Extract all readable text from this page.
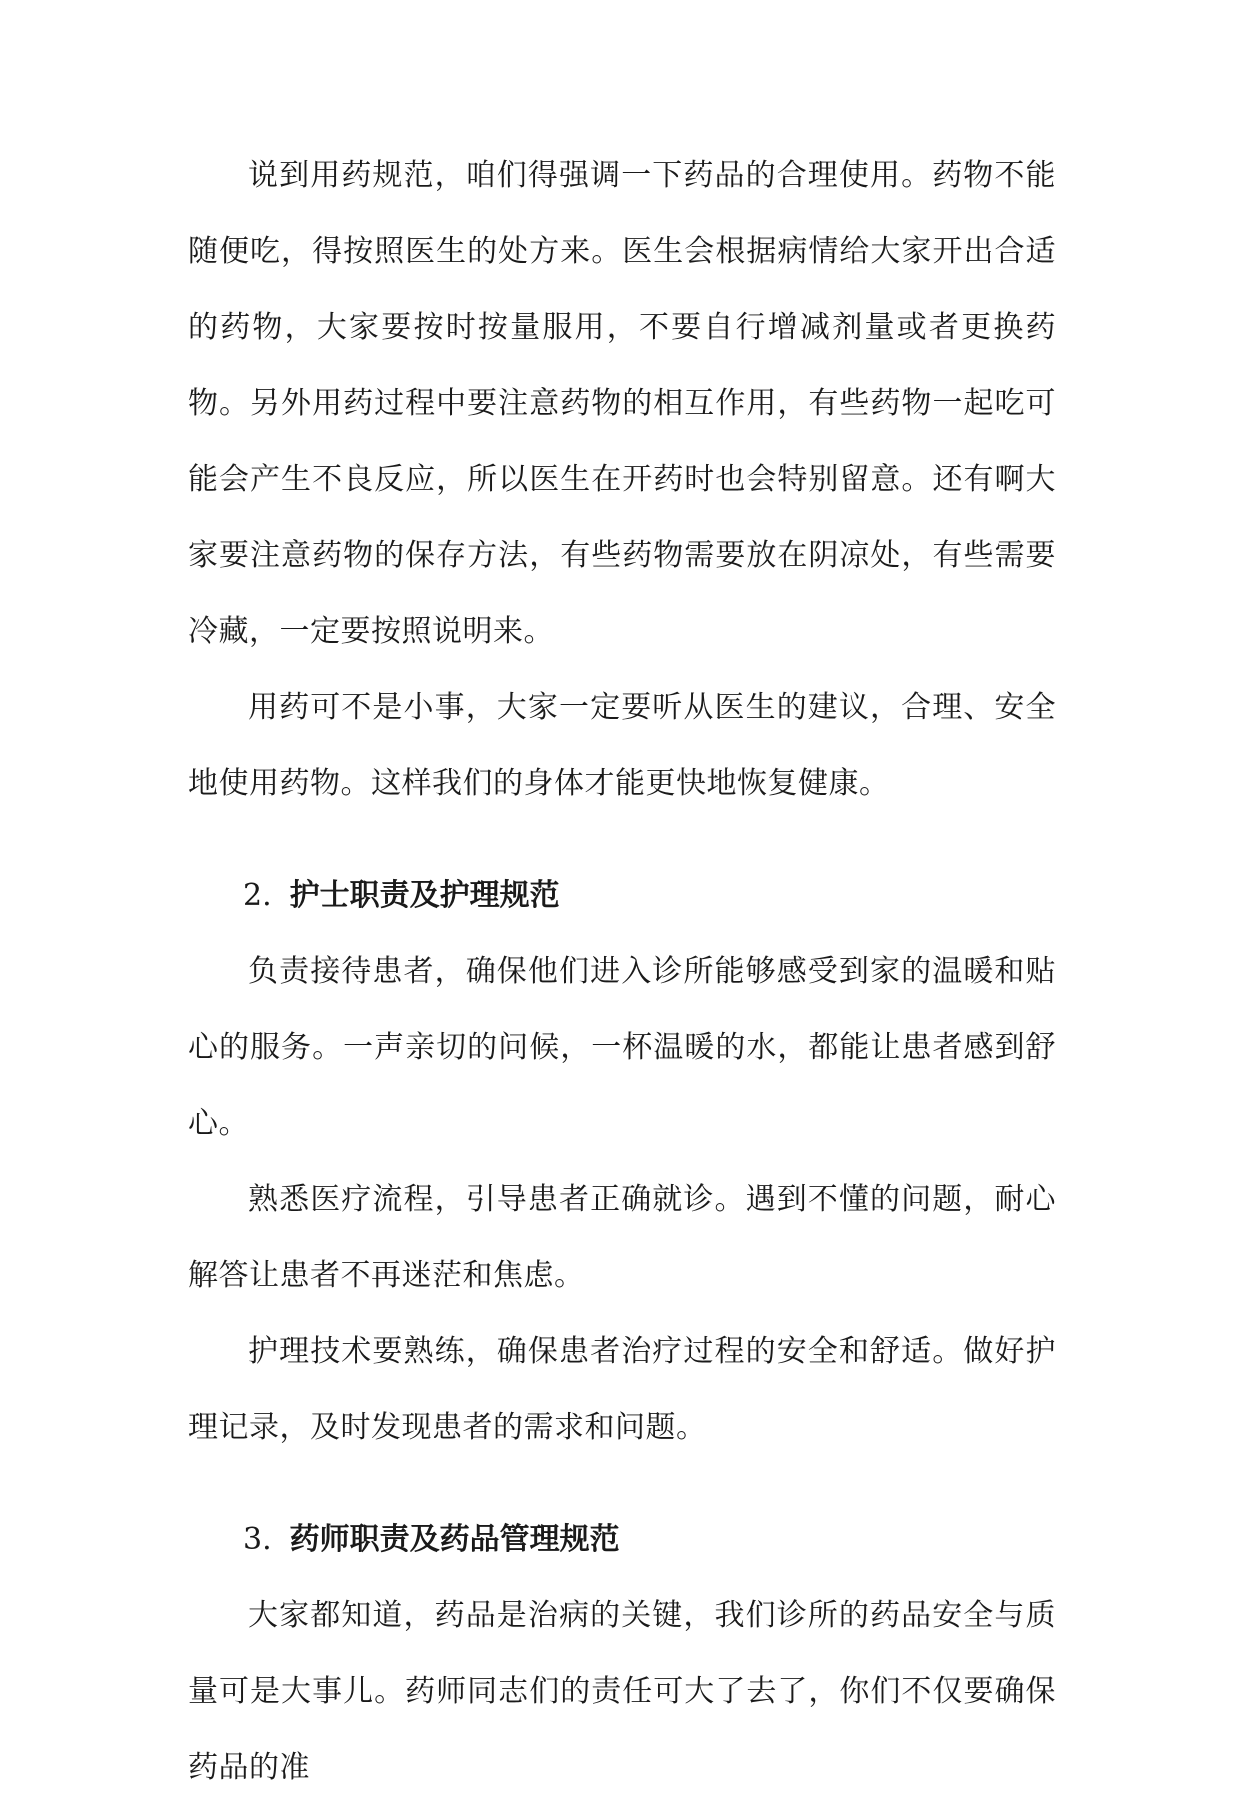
说到用药规范，咱们得强调一下药品的合理使用。药物不能随便吃，得按照医生的处方来。医生会根据病情给大家开出合适的药物，大家要按时按量服用，不要自行增减剂量或者更换药物。另外用药过程中要注意药物的相互作用，有些药物一起吃可能会产生不良反应，所以医生在开药时也会特别留意。还有啊大家要注意药物的保存方法，有些药物需要放在阴凉处，有些需要冷藏，一定要按照说明来。

用药可不是小事，大家一定要听从医生的建议，合理、安全地使用药物。这样我们的身体才能更快地恢复健康。

2. 护士职责及护理规范

负责接待患者，确保他们进入诊所能够感受到家的温暖和贴心的服务。一声亲切的问候，一杯温暖的水，都能让患者感到舒心。

熟悉医疗流程，引导患者正确就诊。遇到不懂的问题，耐心解答让患者不再迷茫和焦虑。

护理技术要熟练，确保患者治疗过程的安全和舒适。做好护理记录，及时发现患者的需求和问题。

3. 药师职责及药品管理规范

大家都知道，药品是治病的关键，我们诊所的药品安全与质量可是大事儿。药师同志们的责任可大了去了，你们不仅要确保药品的准
